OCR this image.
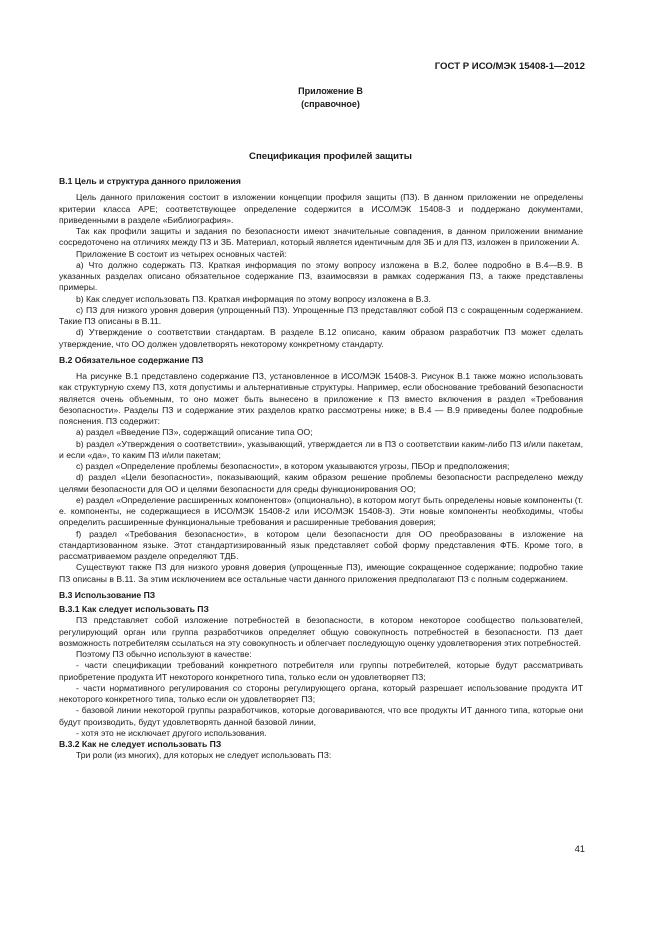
ГОСТ Р ИСО/МЭК 15408-1—2012
Приложение В
(справочное)
Спецификация профилей защиты

В.1 Цель и структура данного приложения

Цель данного приложения состоит в изложении концепции профиля защиты (ПЗ). В данном приложении не определены критерии класса APE; соответствующее определение содержится в ИСО/МЭК 15408-3 и поддержано документами, приведенными в разделе «Библиография».

Так как профили защиты и задания по безопасности имеют значительные совпадения, в данном приложении внимание сосредоточено на отличиях между ПЗ и ЗБ. Материал, который является идентичным для ЗБ и для ПЗ, изложен в приложении А.

Приложение В состоит из четырех основных частей:

а) Что должно содержать ПЗ. Краткая информация по этому вопросу изложена в В.2, более подробно в В.4—В.9. В указанных разделах описано обязательное содержание ПЗ, взаимосвязи в рамках содержания ПЗ, а также представлены примеры.

b) Как следует использовать ПЗ. Краткая информация по этому вопросу изложена в В.3.

c) ПЗ для низкого уровня доверия (упрощенный ПЗ). Упрощенные ПЗ представляют собой ПЗ с сокращенным содержанием. Такие ПЗ описаны в В.11.

d) Утверждение о соответствии стандартам. В разделе В.12 описано, каким образом разработчик ПЗ может сделать утверждение, что ОО должен удовлетворять некоторому конкретному стандарту.

В.2 Обязательное содержание ПЗ

На рисунке В.1 представлено содержание ПЗ, установленное в ИСО/МЭК 15408-3. Рисунок В.1 также можно использовать как структурную схему ПЗ, хотя допустимы и альтернативные структуры. Например, если обоснование требований безопасности является очень объемным, то оно может быть вынесено в приложение к ПЗ вместо включения в раздел «Требования безопасности». Разделы ПЗ и содержание этих разделов кратко рассмотрены ниже; в В.4 — В.9 приведены более подробные пояснения. ПЗ содержит:

а) раздел «Введение ПЗ», содержащий описание типа ОО;

b) раздел «Утверждения о соответствии», указывающий, утверждается ли в ПЗ о соответствии каким-либо ПЗ и/или пакетам, и если «да», то каким ПЗ и/или пакетам;

c) раздел «Определение проблемы безопасности», в котором указываются угрозы, ПБОр и предположения;

d) раздел «Цели безопасности», показывающий, каким образом решение проблемы безопасности распределено между целями безопасности для ОО и целями безопасности для среды функционирования ОО;

e) раздел «Определение расширенных компонентов» (опционально), в котором могут быть определены новые компоненты (т. е. компоненты, не содержащиеся в ИСО/МЭК 15408-2 или ИСО/МЭК 15408-3). Эти новые компоненты необходимы, чтобы определить расширенные функциональные требования и расширенные требования доверия;

f) раздел «Требования безопасности», в котором цели безопасности для ОО преобразованы в изложение на стандартизованном языке. Этот стандартизированный язык представляет собой форму представления ФТБ. Кроме того, в рассматриваемом разделе определяют ТДБ.

Существуют также ПЗ для низкого уровня доверия (упрощенные ПЗ), имеющие сокращенное содержание; подробно такие ПЗ описаны в В.11. За этим исключением все остальные части данного приложения предполагают ПЗ с полным содержанием.

В.3 Использование ПЗ

В.3.1 Как следует использовать ПЗ

ПЗ представляет собой изложение потребностей в безопасности, в котором некоторое сообщество пользователей, регулирующий орган или группа разработчиков определяет общую совокупность потребностей в безопасности. ПЗ дает возможность потребителям ссылаться на эту совокупность и облегчает последующую оценку удовлетворения этих потребностей.

Поэтому ПЗ обычно используют в качестве:

- части спецификации требований конкретного потребителя или группы потребителей, которые будут рассматривать приобретение продукта ИТ некоторого конкретного типа, только если он удовлетворяет ПЗ;

- части нормативного регулирования со стороны регулирующего органа, который разрешает использование продукта ИТ некоторого конкретного типа, только если он удовлетворяет ПЗ;

- базовой линии некоторой группы разработчиков, которые договариваются, что все продукты ИТ данного типа, которые они будут производить, будут удовлетворять данной базовой линии,

- хотя это не исключает другого использования.

В.3.2 Как не следует использовать ПЗ

Три роли (из многих), для которых не следует использовать ПЗ:

41
